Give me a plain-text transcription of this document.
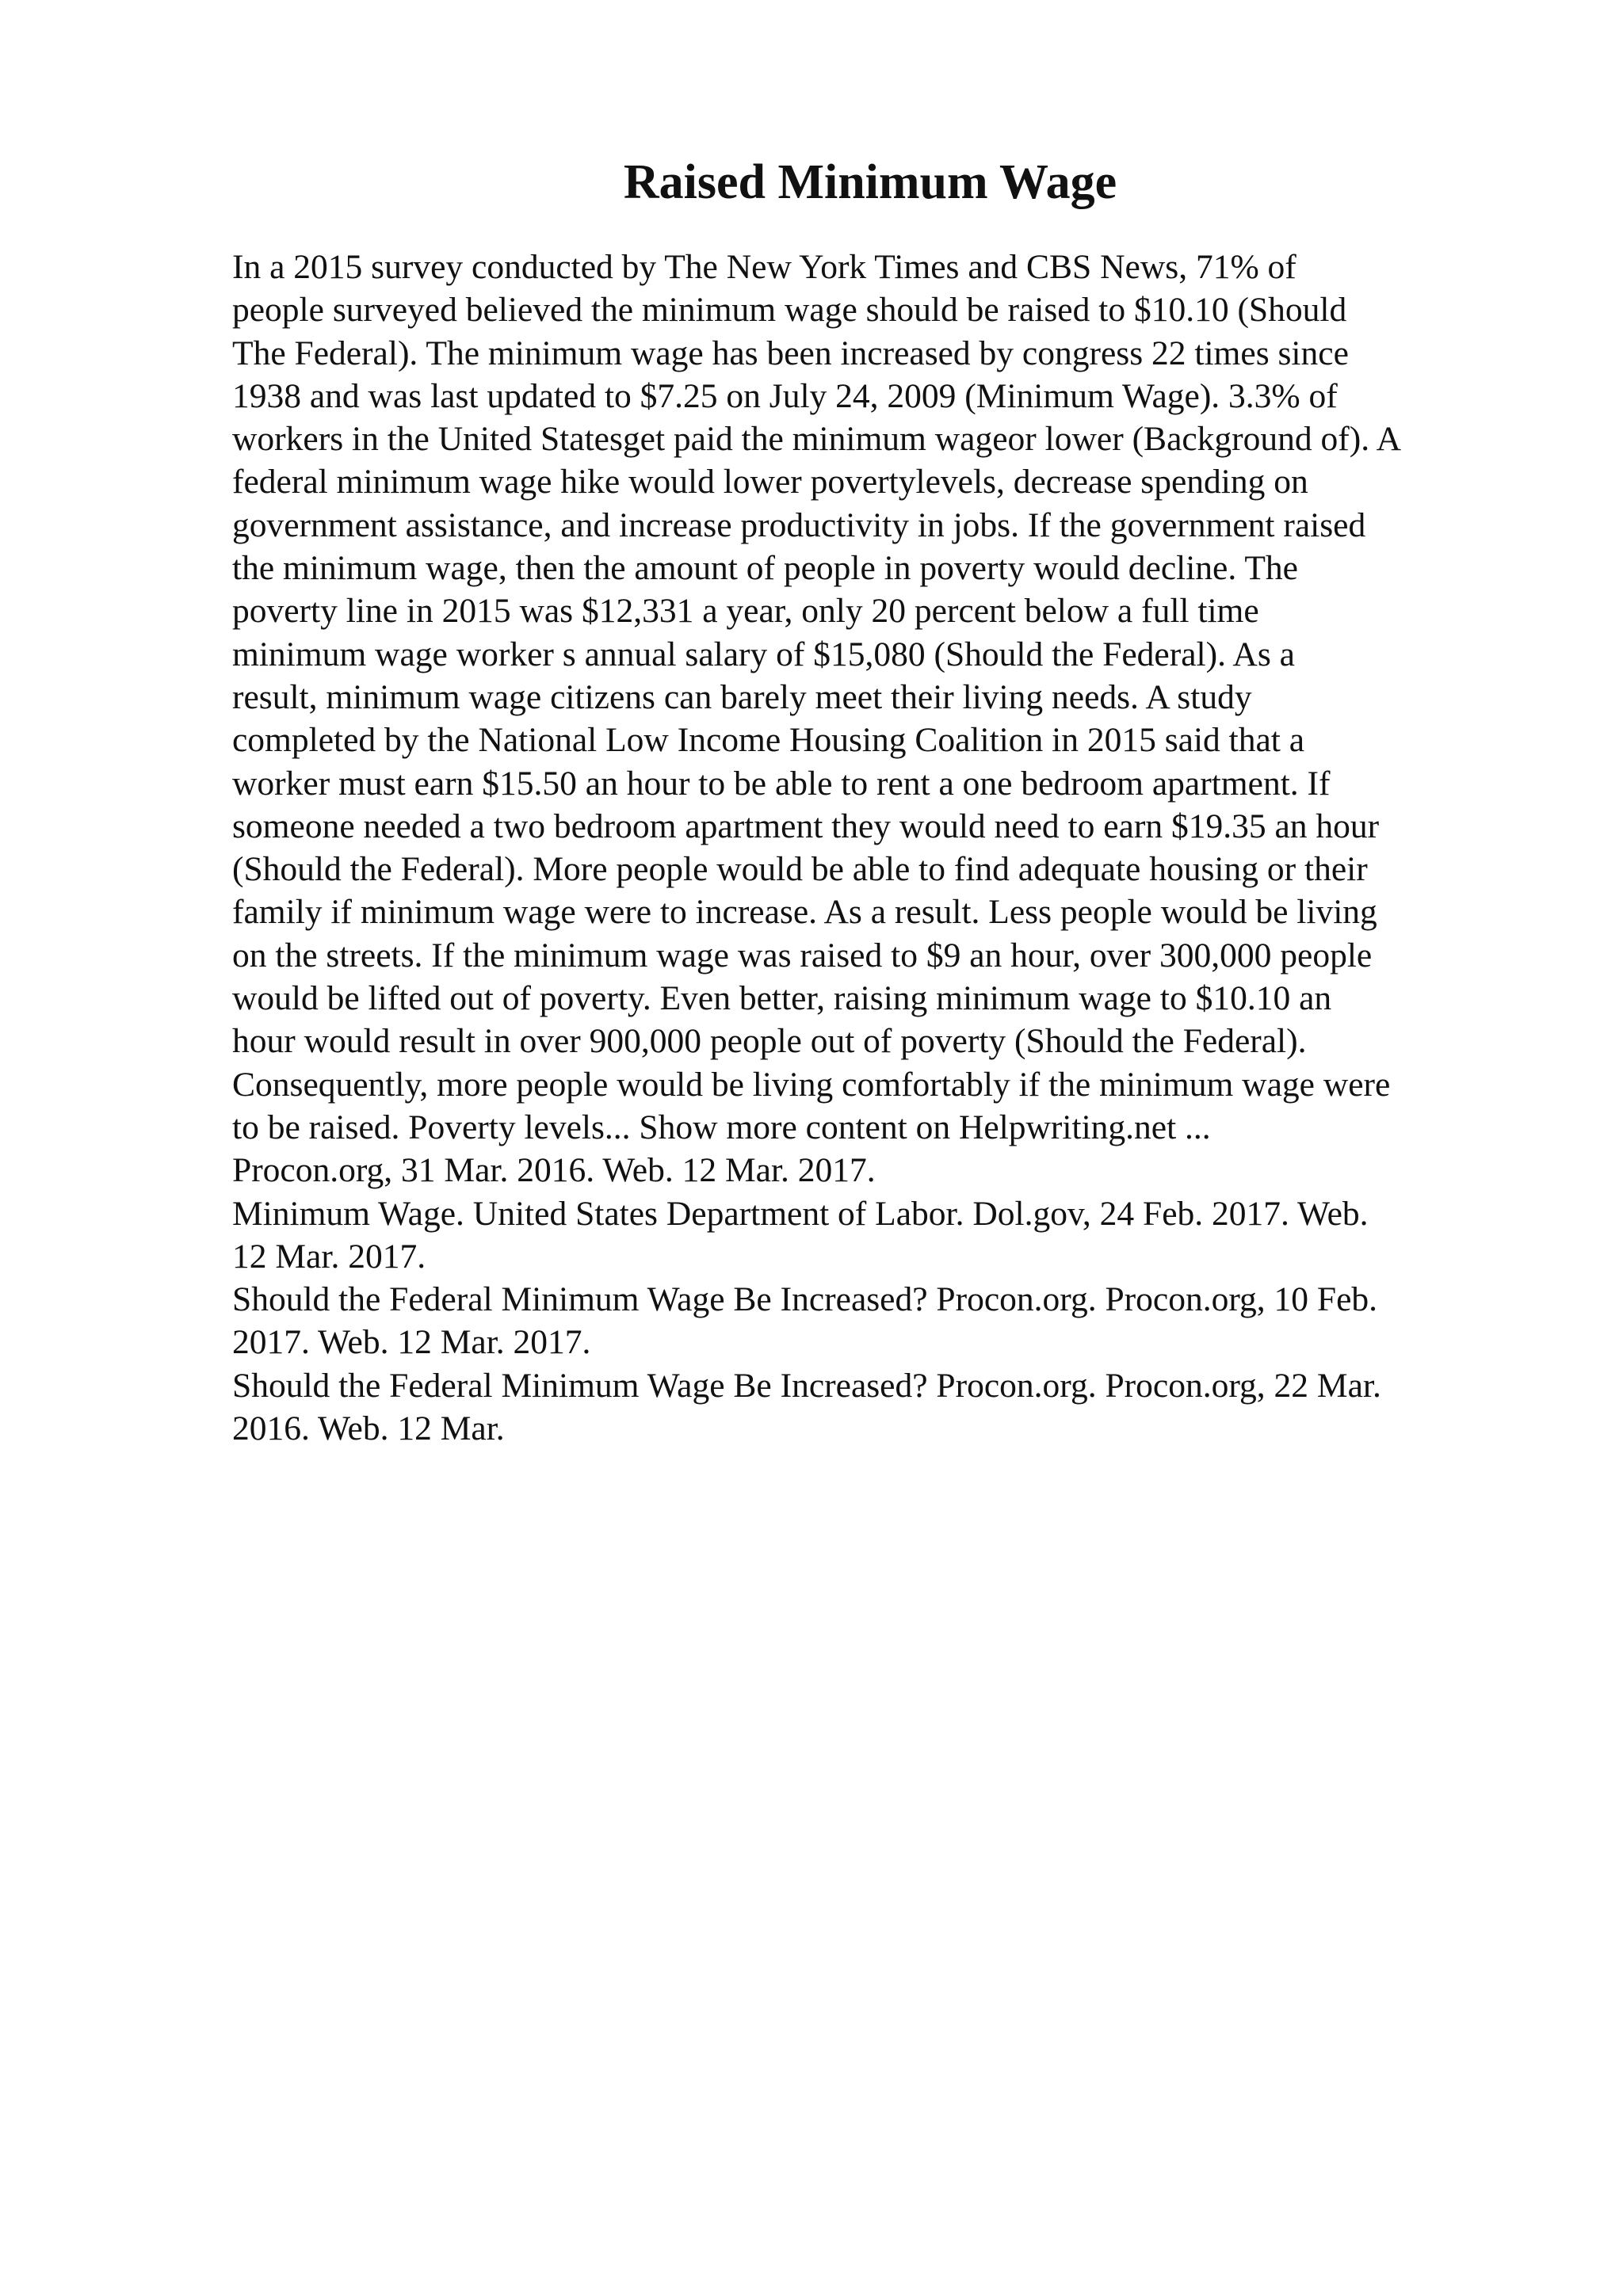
Raised Minimum Wage
In a 2015 survey conducted by The New York Times and CBS News, 71% of
people surveyed believed the minimum wage should be raised to $10.10 (Should
The Federal). The minimum wage has been increased by congress 22 times since
1938 and was last updated to $7.25 on July 24, 2009 (Minimum Wage). 3.3% of
workers in the United Statesget paid the minimum wageor lower (Background of). A
federal minimum wage hike would lower povertylevels, decrease spending on
government assistance, and increase productivity in jobs. If the government raised
the minimum wage, then the amount of people in poverty would decline. The
poverty line in 2015 was $12,331 a year, only 20 percent below a full time
minimum wage worker s annual salary of $15,080 (Should the Federal). As a
result, minimum wage citizens can barely meet their living needs. A study
completed by the National Low Income Housing Coalition in 2015 said that a
worker must earn $15.50 an hour to be able to rent a one bedroom apartment. If
someone needed a two bedroom apartment they would need to earn $19.35 an hour
(Should the Federal). More people would be able to find adequate housing or their
family if minimum wage were to increase. As a result. Less people would be living
on the streets. If the minimum wage was raised to $9 an hour, over 300,000 people
would be lifted out of poverty. Even better, raising minimum wage to $10.10 an
hour would result in over 900,000 people out of poverty (Should the Federal).
Consequently, more people would be living comfortably if the minimum wage were
to be raised. Poverty levels... Show more content on Helpwriting.net ...
Procon.org, 31 Mar. 2016. Web. 12 Mar. 2017.
Minimum Wage. United States Department of Labor. Dol.gov, 24 Feb. 2017. Web.
12 Mar. 2017.
Should the Federal Minimum Wage Be Increased? Procon.org. Procon.org, 10 Feb.
2017. Web. 12 Mar. 2017.
Should the Federal Minimum Wage Be Increased? Procon.org. Procon.org, 22 Mar.
2016. Web. 12 Mar.
